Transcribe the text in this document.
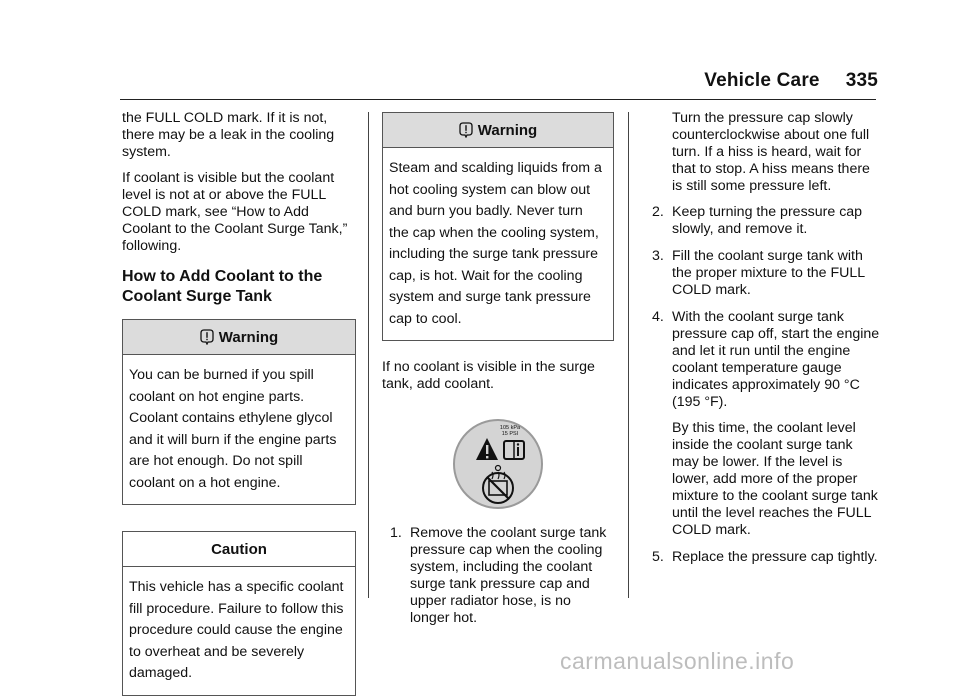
Vehicle Care 335

the FULL COLD mark. If it is not, there may be a leak in the cooling system.

If coolant is visible but the coolant level is not at or above the FULL COLD mark, see “How to Add Coolant to the Coolant Surge Tank,” following.

How to Add Coolant to the Coolant Surge Tank
Warning
You can be burned if you spill coolant on hot engine parts. Coolant contains ethylene glycol and it will burn if the engine parts are hot enough. Do not spill coolant on a hot engine.
Caution
This vehicle has a specific coolant fill procedure. Failure to follow this procedure could cause the engine to overheat and be severely damaged.
Warning
Steam and scalding liquids from a hot cooling system can blow out and burn you badly. Never turn the cap when the cooling system, including the surge tank pressure cap, is hot. Wait for the cooling system and surge tank pressure cap to cool.

If no coolant is visible in the surge tank, add coolant.

105 kPa
15 PSI
1. Remove the coolant surge tank pressure cap when the cooling system, including the coolant surge tank pressure cap and upper radiator hose, is no longer hot.

Turn the pressure cap slowly counterclockwise about one full turn. If a hiss is heard, wait for that to stop. A hiss means there is still some pressure left.

2. Keep turning the pressure cap slowly, and remove it.
3. Fill the coolant surge tank with the proper mixture to the FULL COLD mark.
4. With the coolant surge tank pressure cap off, start the engine and let it run until the engine coolant temperature gauge indicates approximately 90 °C (195 °F).
By this time, the coolant level inside the coolant surge tank may be lower. If the level is lower, add more of the proper mixture to the coolant surge tank until the level reaches the FULL COLD mark.
5. Replace the pressure cap tightly.
carmanualsonline.info
